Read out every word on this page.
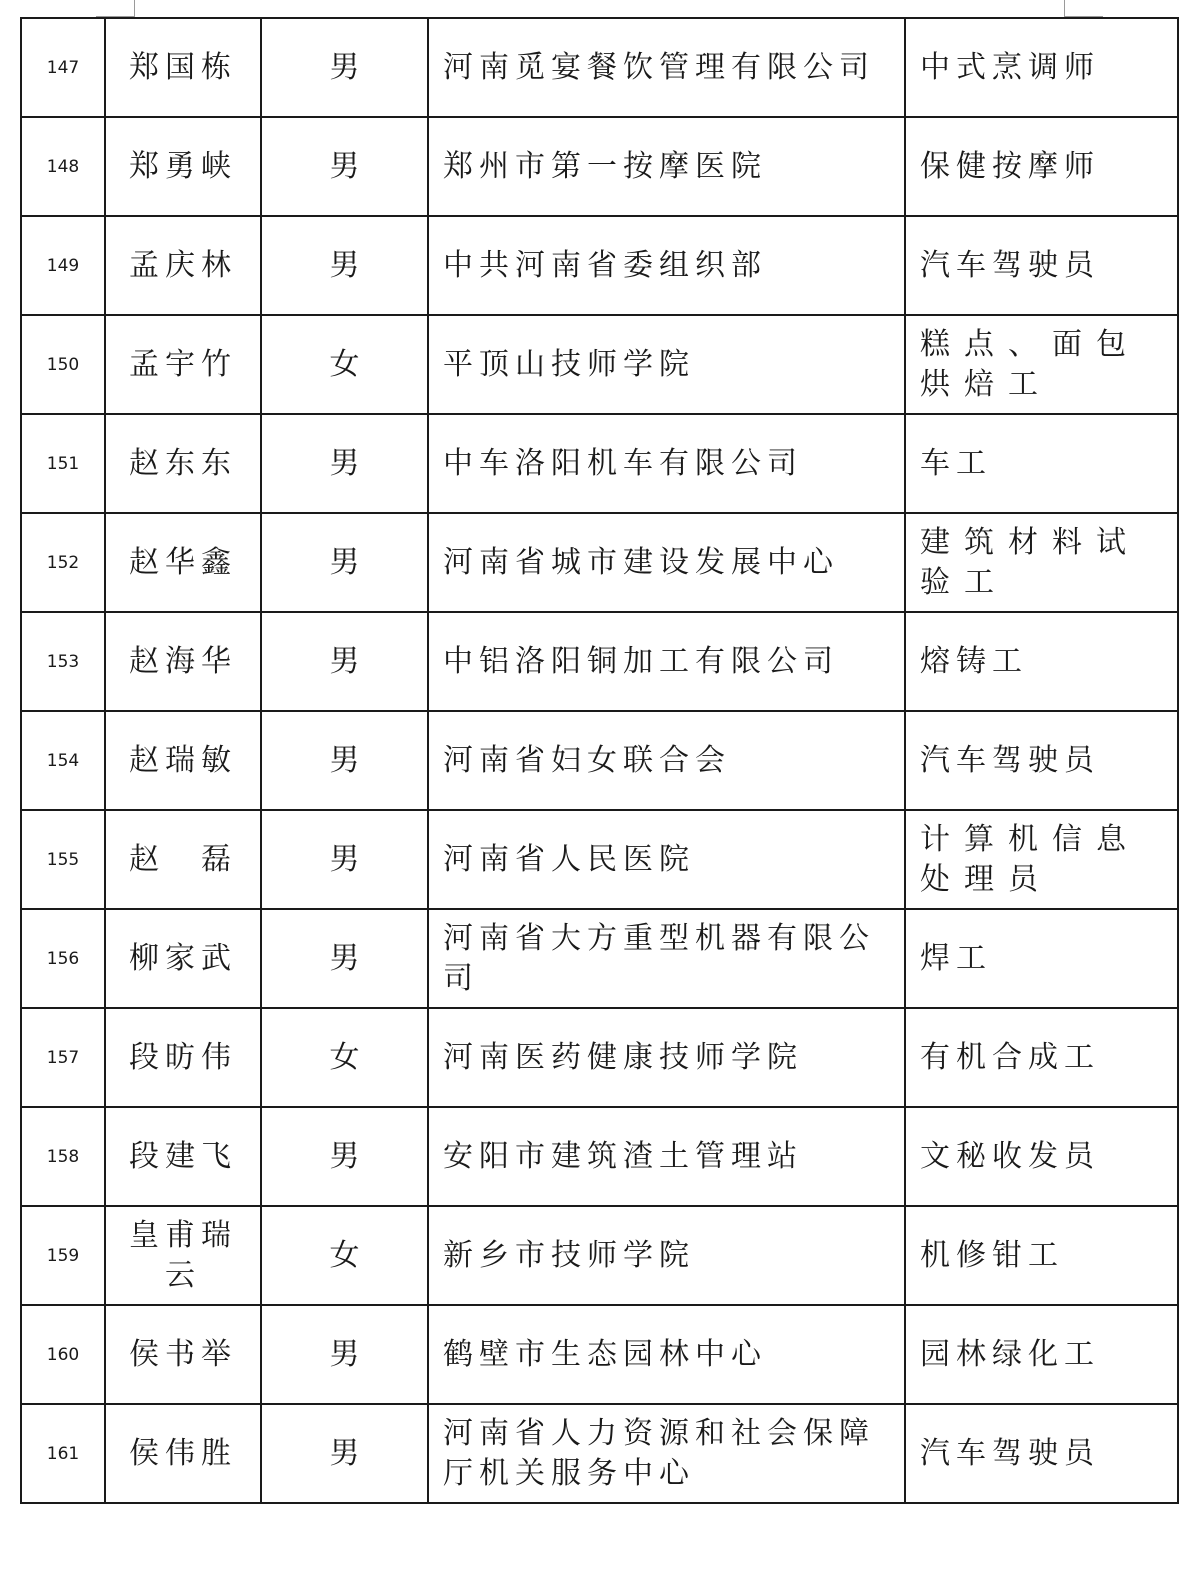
147	郑国栋	男	河南觅宴餐饮管理有限公司	中式烹调师
148	郑勇峡	男	郑州市第一按摩医院	保健按摩师
149	孟庆林	男	中共河南省委组织部	汽车驾驶员
150	孟宇竹	女	平顶山技师学院	糕点、面包烘焙工
151	赵东东	男	中车洛阳机车有限公司	车工
152	赵华鑫	男	河南省城市建设发展中心	建筑材料试验工
153	赵海华	男	中铝洛阳铜加工有限公司	熔铸工
154	赵瑞敏	男	河南省妇女联合会	汽车驾驶员
155	赵　磊	男	河南省人民医院	计算机信息处理员
156	柳家武	男	河南省大方重型机器有限公司	焊工
157	段昉伟	女	河南医药健康技师学院	有机合成工
158	段建飞	男	安阳市建筑渣土管理站	文秘收发员
159	皇甫瑞云	女	新乡市技师学院	机修钳工
160	侯书举	男	鹤壁市生态园林中心	园林绿化工
161	侯伟胜	男	河南省人力资源和社会保障厅机关服务中心	汽车驾驶员
